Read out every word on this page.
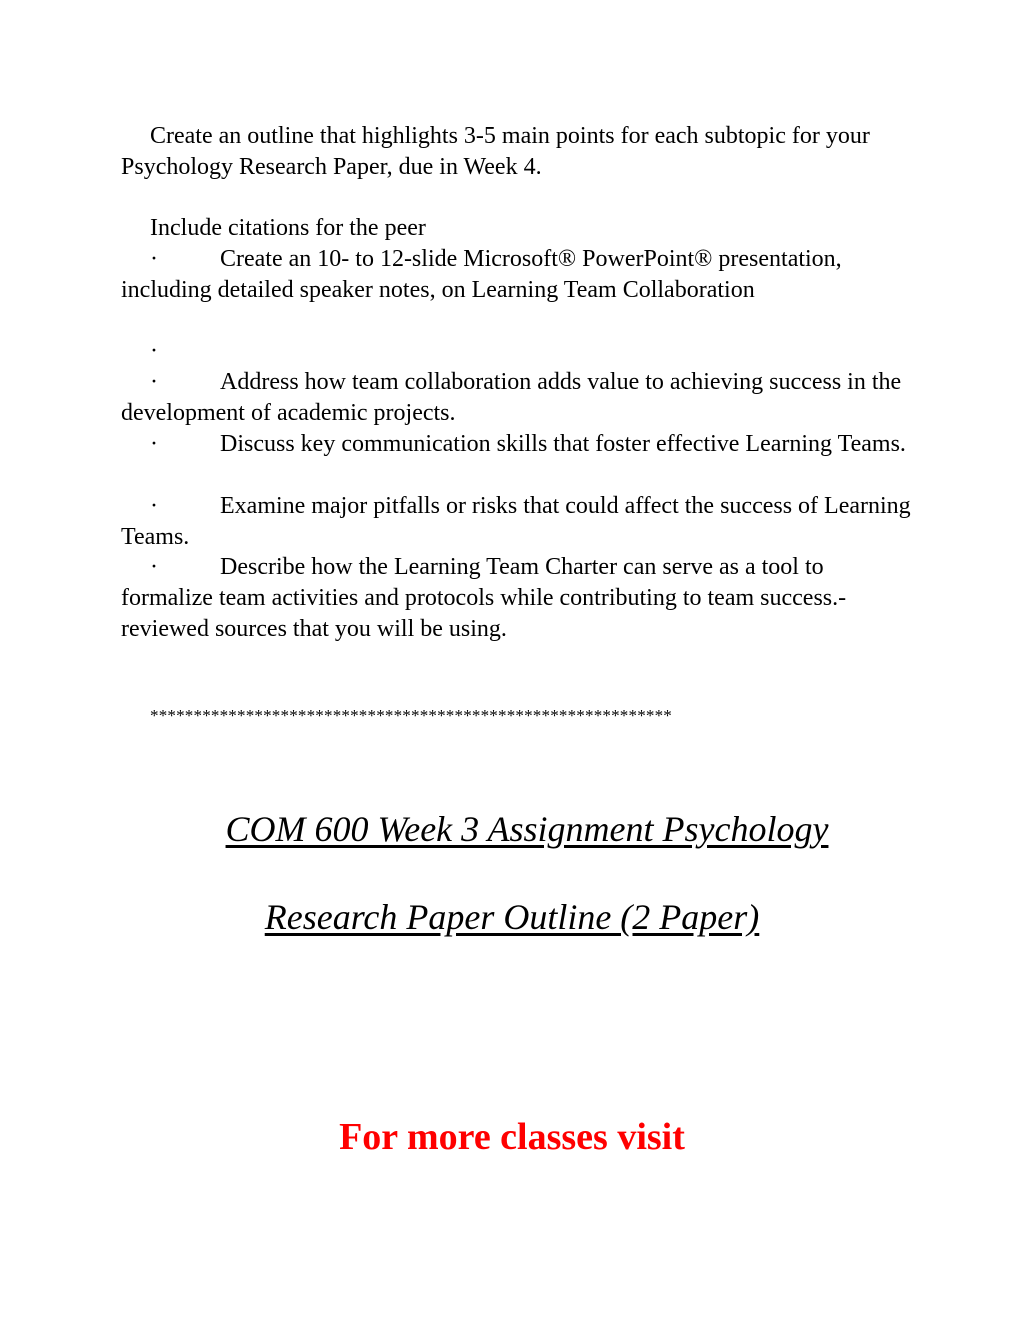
Create an outline that highlights 3-5 main points for each subtopic for your Psychology Research Paper, due in Week 4.

Include citations for the peer

·	Create an 10- to 12-slide Microsoft® PowerPoint® presentation, including detailed speaker notes, on Learning Team Collaboration

·

·	Address how team collaboration adds value to achieving success in the development of academic projects.

·	Discuss key communication skills that foster effective Learning Teams.

·	Examine major pitfalls or risks that could affect the success of Learning Teams.

·	Describe how the Learning Team Charter can serve as a tool to formalize team activities and protocols while contributing to team success.-reviewed sources that you will be using.

************************************************************

COM 600 Week 3 Assignment Psychology

Research Paper Outline (2 Paper)

For more classes visit
